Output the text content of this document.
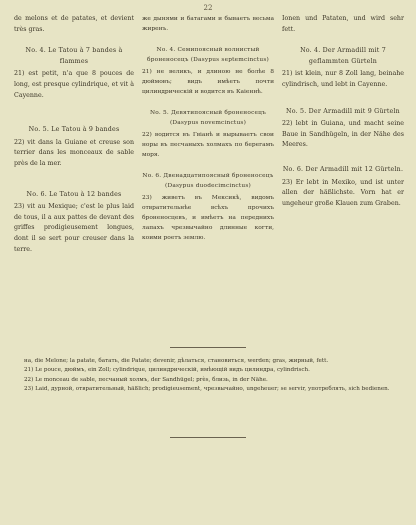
22

de melons et de patates, et devient très gras.

No. 4. Le Tatou à 7 bandes à flammes

21) est petit, n'a que 8 pouces de long, est presque cylindrique, et vit à Cayenne.

No. 5. Le Tatou à 9 bandes

22) vit dans la Guiane et creuse son terrier dans les monceaux de sable près de la mer.

No. 6. Le Tatou à 12 bandes

23) vit au Mexique; c'est le plus laid de tous, il a aux pattes de devant des griffes prodigieusement longues, dont il se sert pour creuser dans la terre.

же дынями и батагами и бываетъ весьма жиренъ.

No. 4. Семипоясный волнистый броненосецъ (Dasypus septemcinctus)

21) не великъ, и длиною не болѣе 8 дюймовъ; видъ имѣетъ почти цилиндрическій и водится въ Каіеннѣ.

No. 5. Девятипоясный броненосецъ (Dasypus novemcinctus)

22) водится въ Гвіанѣ и вырываетъ свои норы въ песчаныхъ холмахъ по берегамъ моря.

No. 6. Двенадцатипоясный броненосецъ (Dasypus duodecimcinctus)

23) живетъ въ Мексикѣ, видомъ отвратительнѣе всѣхъ прочихъ броненосцевъ, и имѣетъ на переднихъ лапахъ чрезвычайно длинные когти, коими роетъ землю.

Ionen und Pataten, und wird sehr fett.

No. 4. Der Armadill mit 7 geflammten Gürteln

21) ist klein, nur 8 Zoll lang, beinahe cylindrisch, und lebt in Cayenne.

No. 5. Der Armadill mit 9 Gürteln

22) lebt in Guiana, und macht seine Baue in Sandhügeln, in der Nähe des Meeres.

No. 6. Der Armadill mit 12 Gürteln.

23) Er lebt in Mexiko, und ist unter allen der häßlichste. Vorn hat er ungeheur große Klauen zum Graben.

на, die Melone; la patate, батать, die Patate; devenir, дѣлаться, становиться, werden; gras, жирный, fett.

21) Le pouce, дюймъ, ein Zoll; cylindrique, цилиндрическій, имѣющій видъ цилиндра, cylindrisch.

22) Le monceau de sable, песчаный холмъ, der Sandhügel; près, близь, in der Nähe.

23) Laid, дурной, отвратительный, häßlich; prodigieusement, чрезвычайно, ungeheuer; se servir, употреблять, sich bedienen.
